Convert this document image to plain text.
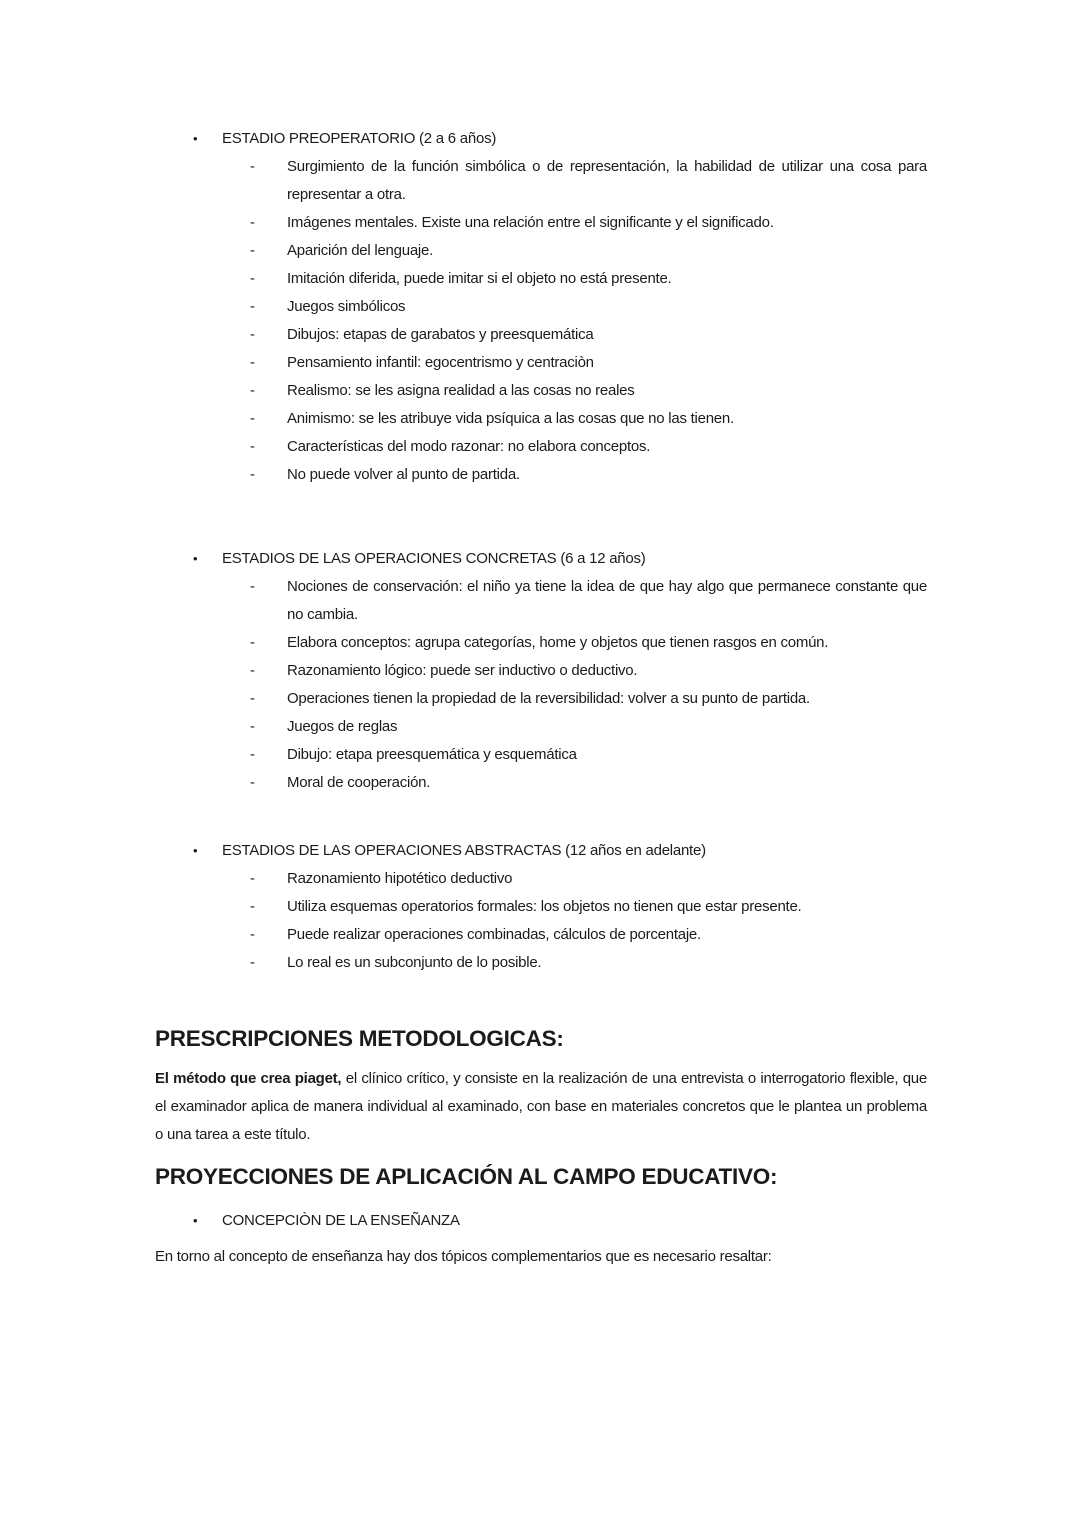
•	ESTADIO PREOPERATORIO (2 a 6 años)
-	Surgimiento de la función simbólica o de representación, la habilidad de utilizar una cosa para representar a otra.
-	Imágenes mentales. Existe una relación entre el significante y el significado.
-	Aparición del lenguaje.
-	Imitación diferida, puede imitar si el objeto no está presente.
-	Juegos simbólicos
-	Dibujos: etapas de garabatos y preesquemática
-	Pensamiento infantil: egocentrismo y centraciòn
-	Realismo: se les asigna realidad a las cosas no reales
-	Animismo: se les atribuye vida psíquica a las cosas que no las tienen.
-	Características del modo razonar: no elabora conceptos.
-	No puede volver al punto de partida.
•	ESTADIOS DE LAS OPERACIONES CONCRETAS (6 a 12 años)
-	Nociones de conservación: el niño ya tiene la idea de que hay algo que permanece constante que no cambia.
-	Elabora conceptos: agrupa categorías, home y objetos que tienen rasgos en común.
-	Razonamiento lógico: puede ser inductivo o deductivo.
-	Operaciones tienen la propiedad de la reversibilidad: volver a su punto de partida.
-	Juegos de reglas
-	Dibujo: etapa preesquemática y esquemática
-	Moral de cooperación.
•	ESTADIOS DE LAS OPERACIONES ABSTRACTAS (12 años en adelante)
-	Razonamiento hipotético deductivo
-	Utiliza esquemas operatorios formales: los objetos no tienen que estar presente.
-	Puede realizar operaciones combinadas, cálculos de porcentaje.
-	Lo real es un subconjunto de lo posible.
PRESCRIPCIONES METODOLOGICAS:

El método que crea piaget, el clínico crítico, y consiste en la realización de una entrevista o interrogatorio flexible, que el examinador aplica de manera individual al examinado, con base en materiales concretos que le plantea un problema o una tarea a este título.

PROYECCIONES DE APLICACIÓN AL CAMPO EDUCATIVO:
•	CONCEPCIÒN DE LA ENSEÑANZA

En torno al concepto de enseñanza hay dos tópicos complementarios que es necesario resaltar:
